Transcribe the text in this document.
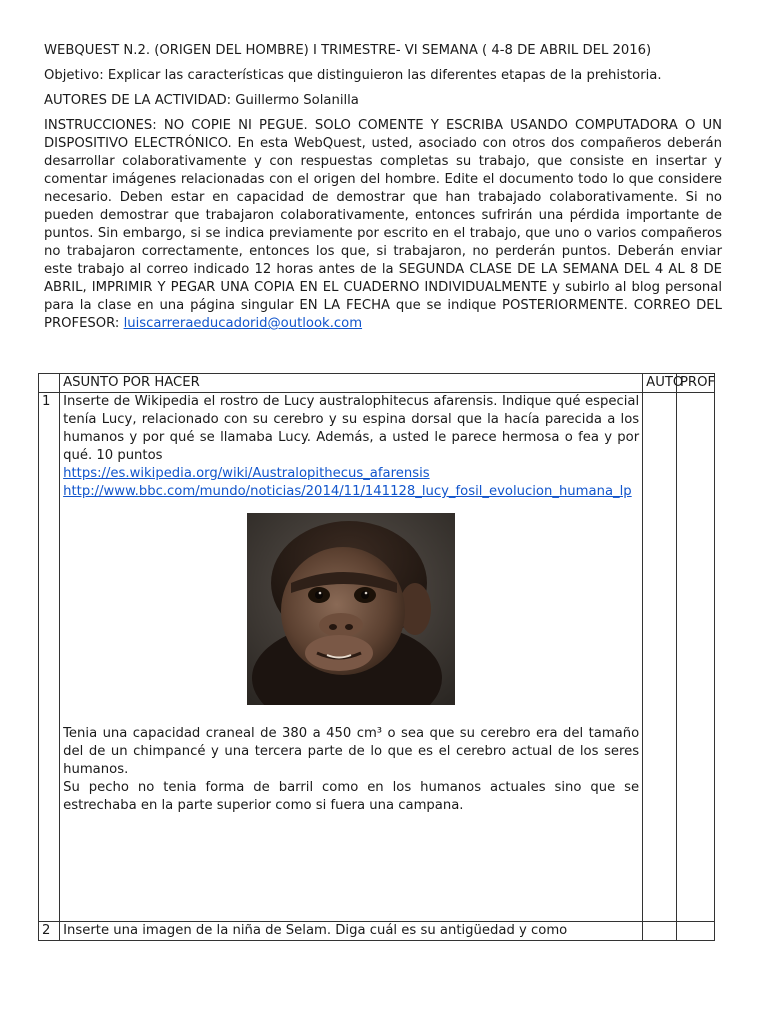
WEBQUEST N.2. (ORIGEN DEL HOMBRE) I TRIMESTRE- VI SEMANA ( 4-8 DE ABRIL DEL 2016)

Objetivo: Explicar las características que distinguieron las diferentes etapas de la prehistoria.

AUTORES DE LA ACTIVIDAD: Guillermo Solanilla

INSTRUCCIONES: NO COPIE NI PEGUE. SOLO COMENTE Y ESCRIBA USANDO COMPUTADORA O UN DISPOSITIVO ELECTRÓNICO. En esta WebQuest, usted, asociado con otros dos compañeros deberán desarrollar colaborativamente y con respuestas completas su trabajo, que consiste en insertar y comentar imágenes relacionadas con el origen del hombre. Edite el documento todo lo que considere necesario. Deben estar en capacidad de demostrar que han trabajado colaborativamente. Si no pueden demostrar que trabajaron colaborativamente, entonces sufrirán una pérdida importante de puntos. Sin embargo, si se indica previamente por escrito en el trabajo, que uno o varios compañeros no trabajaron correctamente, entonces los que, si trabajaron, no perderán puntos. Deberán enviar este trabajo al correo indicado 12 horas antes de la SEGUNDA CLASE DE LA SEMANA DEL 4 AL 8 DE ABRIL, IMPRIMIR Y PEGAR UNA COPIA EN EL CUADERNO INDIVIDUALMENTE y subirlo al blog personal para la clase en una página singular EN LA FECHA que se indique POSTERIORMENTE. CORREO DEL PROFESOR: luiscarreraeducadorid@outlook.com

	ASUNTO POR HACER	AUTO	PROF
1	Inserte de Wikipedia el rostro de Lucy australophitecus afarensis. Indique qué especial tenía Lucy, relacionado con su cerebro y su espina dorsal que la hacía parecida a los humanos y por qué se llamaba Lucy. Además, a usted le parece hermosa o fea y por qué. 10 puntos
https://es.wikipedia.org/wiki/Australopithecus_afarensis
http://www.bbc.com/mundo/noticias/2014/11/141128_lucy_fosil_evolucion_humana_lp
Tenia una capacidad craneal de 380 a 450 cm³ o sea que su cerebro era del tamaño del de un chimpancé y una tercera parte de lo que es el cerebro actual de los seres humanos.
Su pecho no tenia forma de barril como en los humanos actuales sino que se estrechaba en la parte superior como si fuera una campana.		

2	Inserte una imagen de la niña de Selam. Diga cuál es su antigüedad y como		
